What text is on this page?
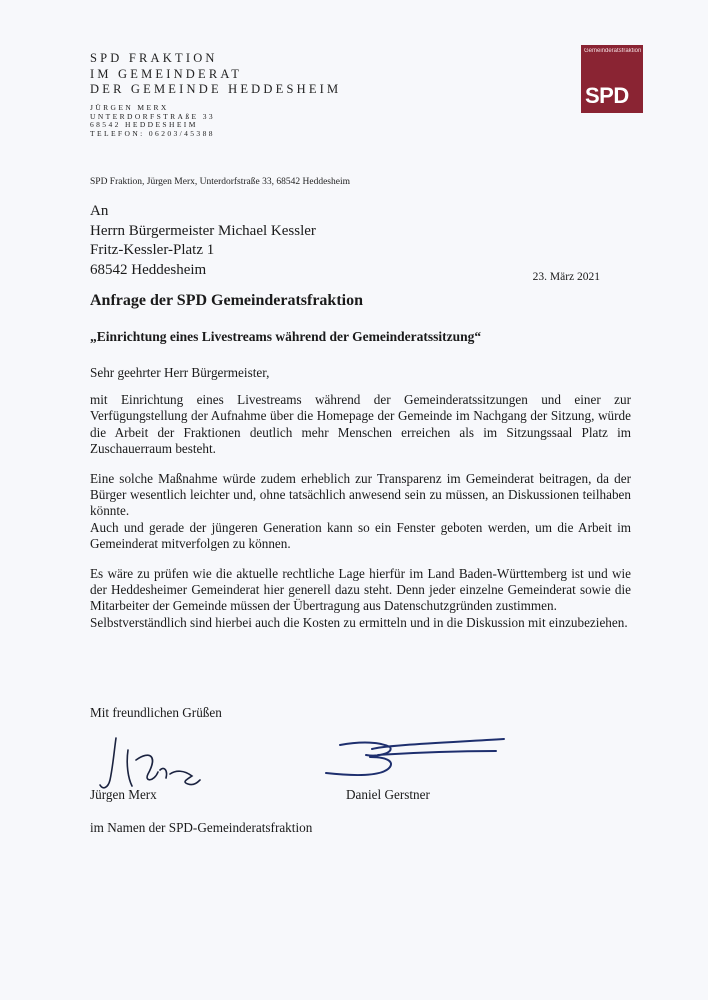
SPD FRAKTION
IM GEMEINDERAT
DER GEMEINDE HEDDESHEIM
JÜRGEN MERX
UNTERDORFSTRAßE 33
68542 HEDDESHEIM
TELEFON: 06203/45388
Gemeinderatsfraktion
SPD
SPD Fraktion, Jürgen Merx, Unterdorfstraße 33, 68542 Heddesheim
An
Herrn Bürgermeister Michael Kessler
Fritz-Kessler-Platz 1
68542 Heddesheim	23. März 2021
Anfrage der SPD Gemeinderatsfraktion
„Einrichtung eines Livestreams während der Gemeinderatssitzung“

Sehr geehrter Herr Bürgermeister,

mit Einrichtung eines Livestreams während der Gemeinderatssitzungen und einer zur Verfügungstellung der Aufnahme über die Homepage der Gemeinde im Nachgang der Sitzung, würde die Arbeit der Fraktionen deutlich mehr Menschen erreichen als im Sitzungssaal Platz im Zuschauerraum besteht.

Eine solche Maßnahme würde zudem erheblich zur Transparenz im Gemeinderat beitragen, da der Bürger wesentlich leichter und, ohne tatsächlich anwesend sein zu müssen, an Diskussionen teilhaben könnte.

Auch und gerade der jüngeren Generation kann so ein Fenster geboten werden, um die Arbeit im Gemeinderat mitverfolgen zu können.

Es wäre zu prüfen wie die aktuelle rechtliche Lage hierfür im Land Baden-Württemberg ist und wie der Heddesheimer Gemeinderat hier generell dazu steht. Denn jeder einzelne Gemeinderat sowie die Mitarbeiter der Gemeinde müssen der Übertragung aus Datenschutzgründen zustimmen.

Selbstverständlich sind hierbei auch die Kosten zu ermitteln und in die Diskussion mit einzubeziehen.

Mit freundlichen Grüßen
Jürgen Merx	Daniel Gerstner
im Namen der SPD-Gemeinderatsfraktion
